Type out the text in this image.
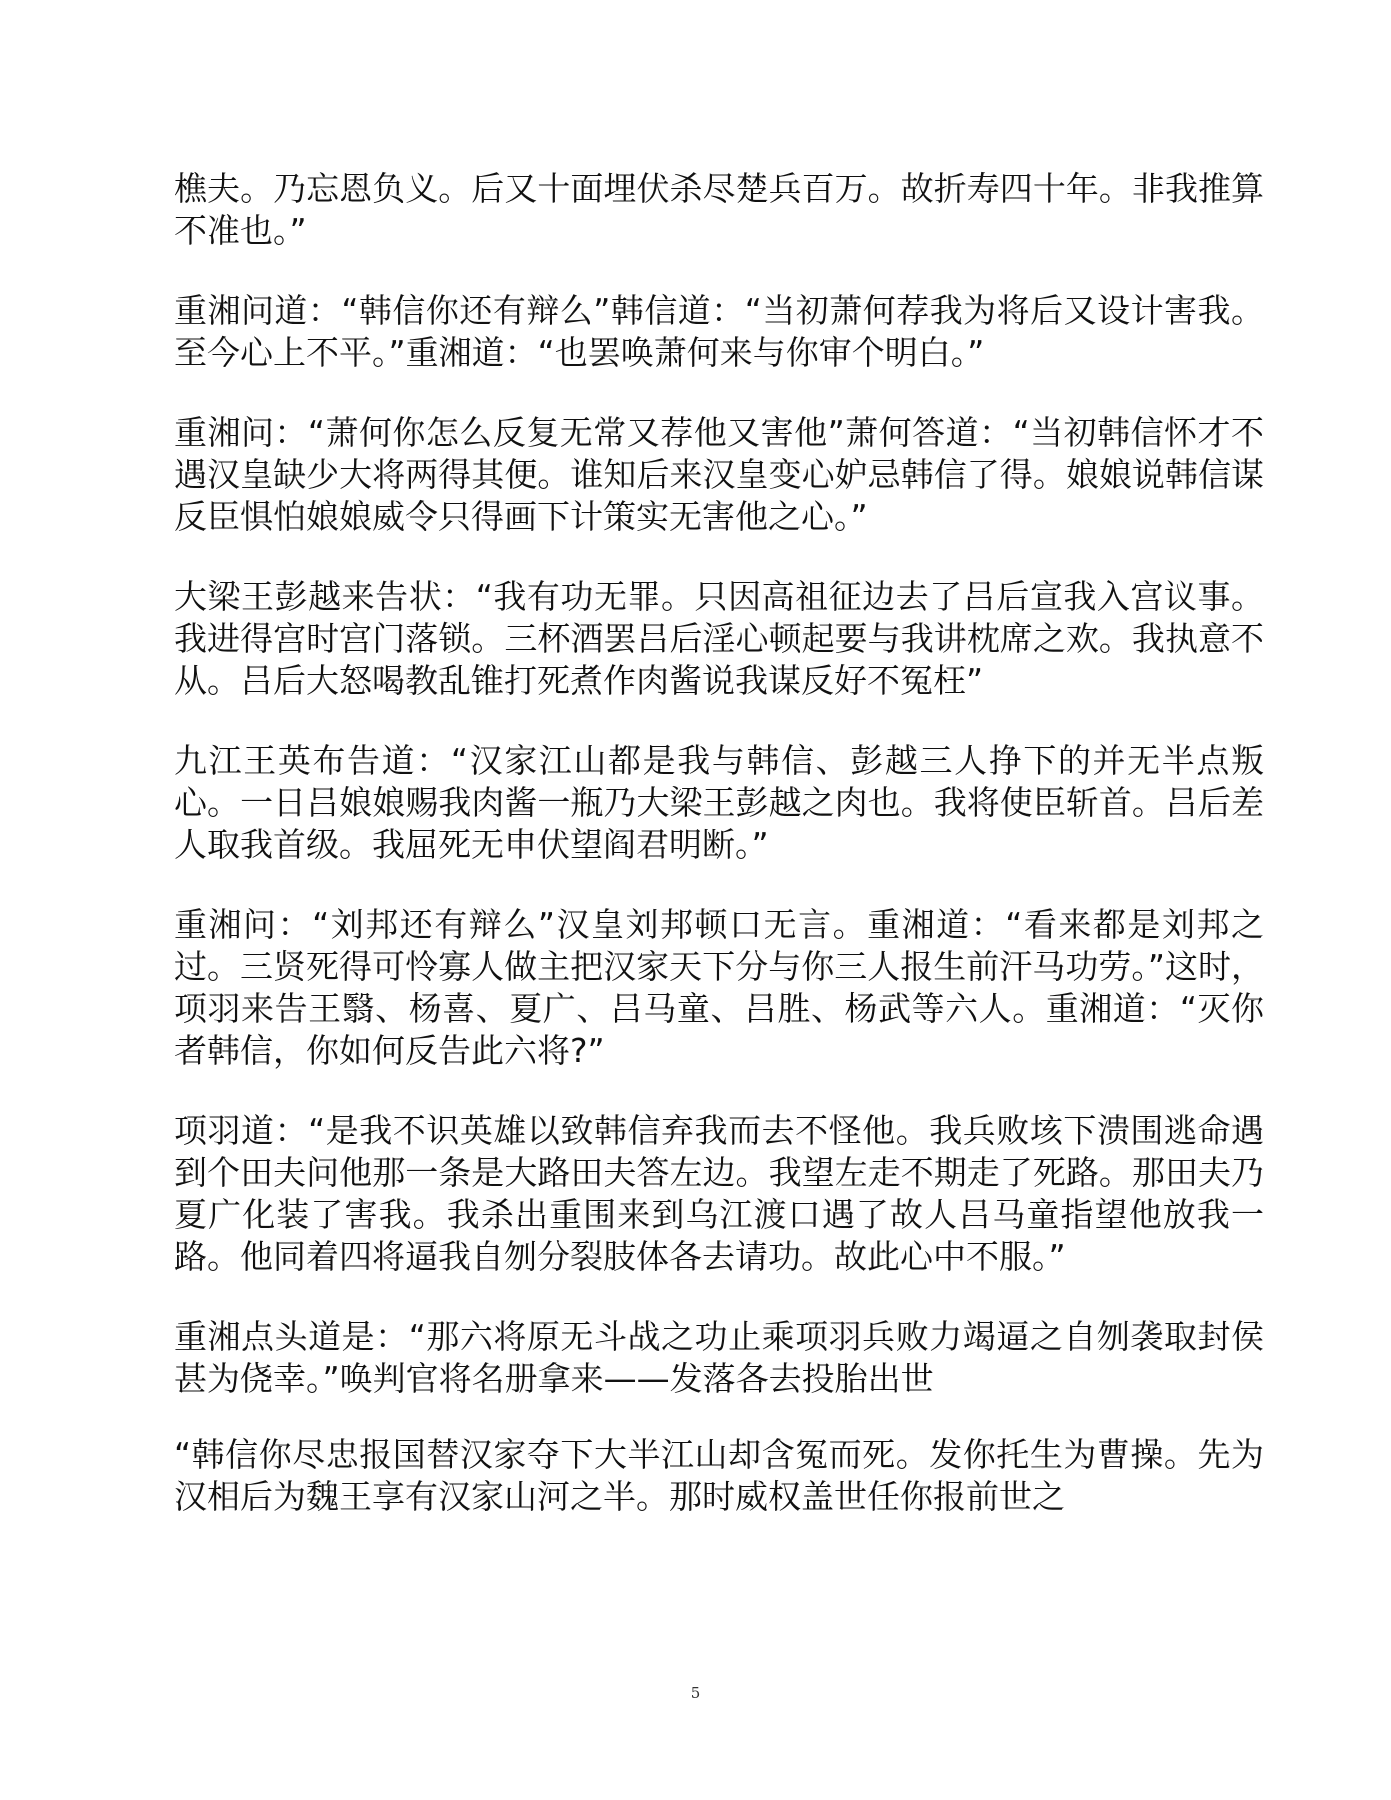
樵夫。乃忘恩负义。后又十面埋伏杀尽楚兵百万。故折寿四十年。非我推算不准也。”

重湘问道：“韩信你还有辩么”韩信道：“当初萧何荐我为将后又设计害我。至今心上不平。”重湘道：“也罢唤萧何来与你审个明白。”

重湘问：“萧何你怎么反复无常又荐他又害他”萧何答道：“当初韩信怀才不遇汉皇缺少大将两得其便。谁知后来汉皇变心妒忌韩信了得。娘娘说韩信谋反臣惧怕娘娘威令只得画下计策实无害他之心。”

大梁王彭越来告状：“我有功无罪。只因高祖征边去了吕后宣我入宫议事。我进得宫时宫门落锁。三杯酒罢吕后淫心顿起要与我讲枕席之欢。我执意不从。吕后大怒喝教乱锥打死煮作肉酱说我谋反好不冤枉”

九江王英布告道：“汉家江山都是我与韩信、彭越三人挣下的并无半点叛心。一日吕娘娘赐我肉酱一瓶乃大梁王彭越之肉也。我将使臣斩首。吕后差人取我首级。我屈死无申伏望阎君明断。”

重湘问：“刘邦还有辩么”汉皇刘邦顿口无言。重湘道：“看来都是刘邦之过。三贤死得可怜寡人做主把汉家天下分与你三人报生前汗马功劳。”这时，项羽来告王翳、杨喜、夏广、吕马童、吕胜、杨武等六人。重湘道：“灭你者韩信，你如何反告此六将?”

项羽道：“是我不识英雄以致韩信弃我而去不怪他。我兵败垓下溃围逃命遇到个田夫问他那一条是大路田夫答左边。我望左走不期走了死路。那田夫乃夏广化装了害我。我杀出重围来到乌江渡口遇了故人吕马童指望他放我一路。他同着四将逼我自刎分裂肢体各去请功。故此心中不服。”

重湘点头道是：“那六将原无斗战之功止乘项羽兵败力竭逼之自刎袭取封侯甚为侥幸。”唤判官将名册拿来——发落各去投胎出世

“韩信你尽忠报国替汉家夺下大半江山却含冤而死。发你托生为曹操。先为汉相后为魏王享有汉家山河之半。那时威权盖世任你报前世之

5
